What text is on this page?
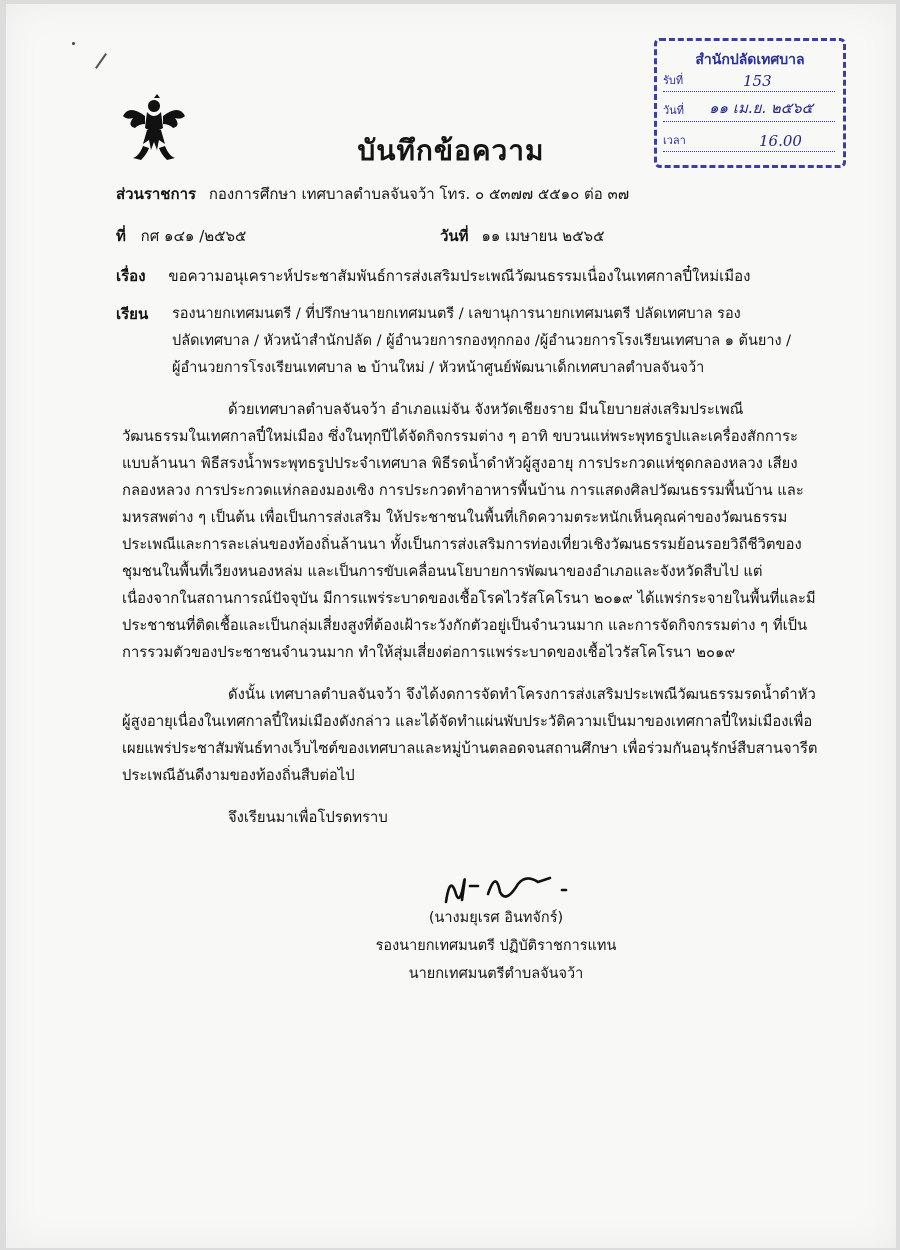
บันทึกข้อความ
สำนักปลัดเทศบาล
รับที่	153
วันที่ ๑๑ เม.ย. ๒๕๖๕
เวลา	16.00
ส่วนราชการ กองการศึกษา เทศบาลตำบลจันจว้า โทร. ๐ ๕๓๗๗ ๕๕๑๐ ต่อ ๓๗
ที่ กศ ๑๔๑ /๒๕๖๕	วันที่ ๑๑ เมษายน ๒๕๖๕
เรื่อง ขอความอนุเคราะห์ประชาสัมพันธ์การส่งเสริมประเพณีวัฒนธรรมเนื่องในเทศกาลปี๋ใหม่เมือง
เรียน รองนายกเทศมนตรี / ที่ปรึกษานายกเทศมนตรี / เลขานุการนายกเทศมนตรี ปลัดเทศบาล รอง
ปลัดเทศบาล / หัวหน้าสำนักปลัด / ผู้อำนวยการกองทุกกอง /ผู้อำนวยการโรงเรียนเทศบาล ๑ ต้นยาง /
ผู้อำนวยการโรงเรียนเทศบาล ๒ บ้านใหม่ / หัวหน้าศูนย์พัฒนาเด็กเทศบาลตำบลจันจว้า
ด้วยเทศบาลตำบลจันจว้า อำเภอแม่จัน จังหวัดเชียงราย มีนโยบายส่งเสริมประเพณี
วัฒนธรรมในเทศกาลปี๋ใหม่เมือง ซึ่งในทุกปีได้จัดกิจกรรมต่าง ๆ อาทิ ขบวนแห่พระพุทธรูปและเครื่องสักการะ
แบบล้านนา พิธีสรงน้ำพระพุทธรูปประจำเทศบาล พิธีรดน้ำดำหัวผู้สูงอายุ การประกวดแห่ชุดกลองหลวง เสียง
กลองหลวง การประกวดแห่กลองมองเซิง การประกวดทำอาหารพื้นบ้าน การแสดงศิลปวัฒนธรรมพื้นบ้าน และ
มหรสพต่าง ๆ เป็นต้น เพื่อเป็นการส่งเสริม ให้ประชาชนในพื้นที่เกิดความตระหนักเห็นคุณค่าของวัฒนธรรม
ประเพณีและการละเล่นของท้องถิ่นล้านนา ทั้งเป็นการส่งเสริมการท่องเที่ยวเชิงวัฒนธรรมย้อนรอยวิถีชีวิตของ
ชุมชนในพื้นที่เวียงหนองหล่ม และเป็นการขับเคลื่อนนโยบายการพัฒนาของอำเภอและจังหวัดสืบไป แต่
เนื่องจากในสถานการณ์ปัจจุบัน มีการแพร่ระบาดของเชื้อโรคไวรัสโคโรนา ๒๐๑๙ ได้แพร่กระจายในพื้นที่และมี
ประชาชนที่ติดเชื้อและเป็นกลุ่มเสี่ยงสูงที่ต้องเฝ้าระวังกักตัวอยู่เป็นจำนวนมาก และการจัดกิจกรรมต่าง ๆ ที่เป็น
การรวมตัวของประชาชนจำนวนมาก ทำให้สุ่มเสี่ยงต่อการแพร่ระบาดของเชื้อไวรัสโคโรนา ๒๐๑๙
ดังนั้น เทศบาลตำบลจันจว้า จึงได้งดการจัดทำโครงการส่งเสริมประเพณีวัฒนธรรมรดน้ำดำหัว
ผู้สูงอายุเนื่องในเทศกาลปี๋ใหม่เมืองดังกล่าว และได้จัดทำแผ่นพับประวัติความเป็นมาของเทศกาลปี๋ใหม่เมืองเพื่อ
เผยแพร่ประชาสัมพันธ์ทางเว็บไซต์ของเทศบาลและหมู่บ้านตลอดจนสถานศึกษา เพื่อร่วมกันอนุรักษ์สืบสานจารีต
ประเพณีอันดีงามของท้องถิ่นสืบต่อไป
จึงเรียนมาเพื่อโปรดทราบ
(นางมยุเรศ อินทจักร์)
รองนายกเทศมนตรี ปฏิบัติราชการแทน
นายกเทศมนตรีตำบลจันจว้า
